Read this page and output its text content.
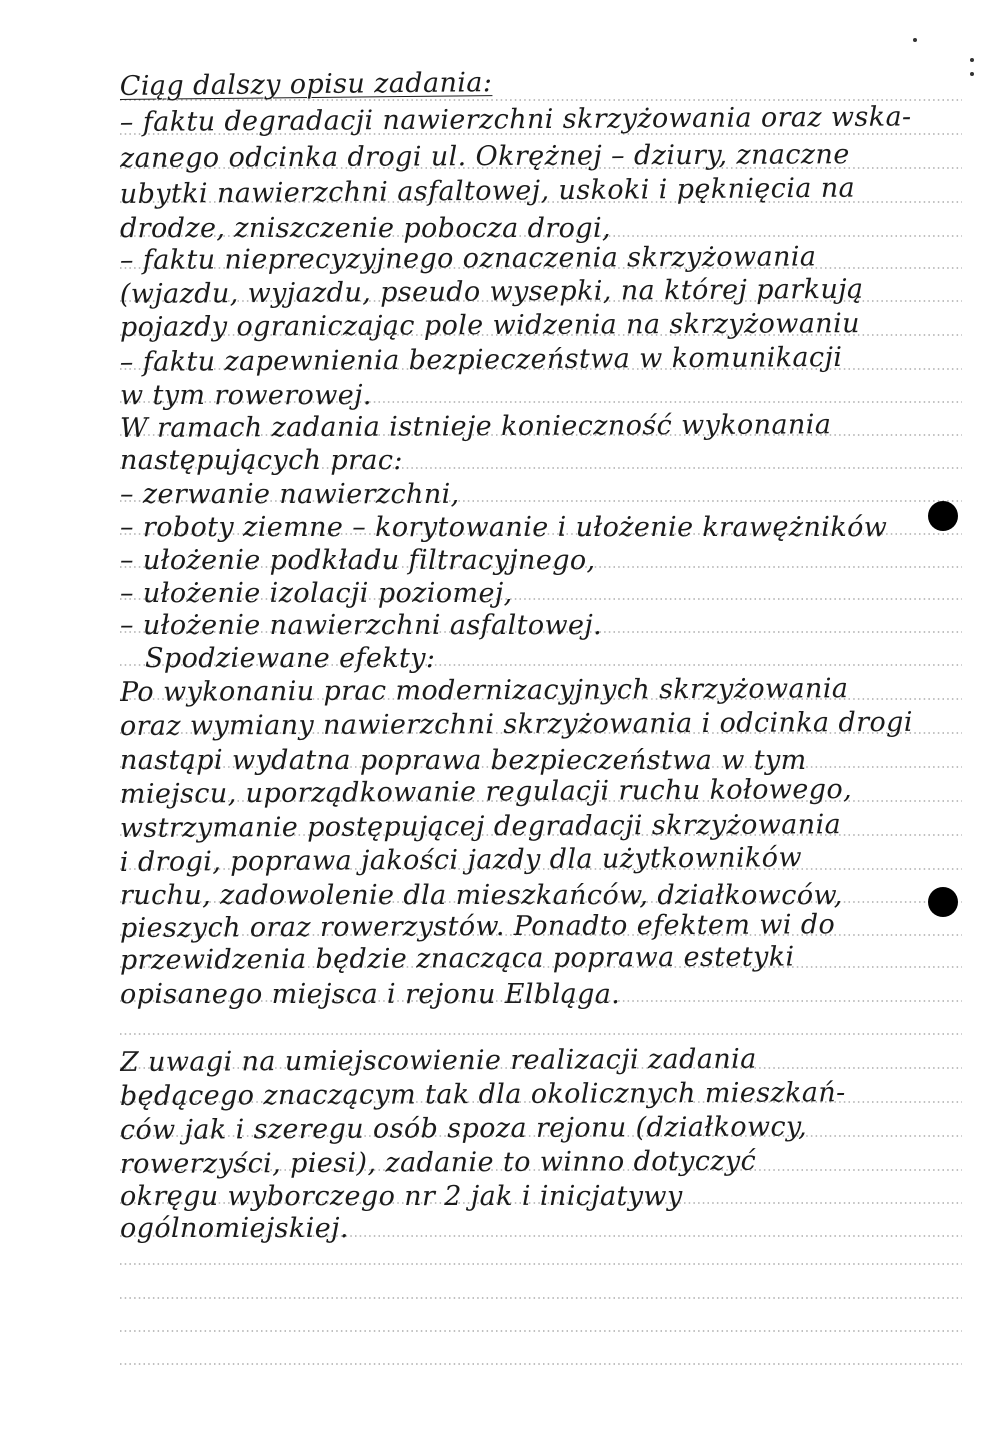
Ciąg dalszy opisu zadania:
– faktu degradacji nawierzchni skrzyżowania oraz wska-
zanego odcinka drogi ul. Okrężnej – dziury, znaczne
ubytki nawierzchni asfaltowej, uskoki i pęknięcia na
drodze, zniszczenie pobocza drogi,
– faktu nieprecyzyjnego oznaczenia skrzyżowania
(wjazdu, wyjazdu, pseudo wysepki, na której parkują
pojazdy ograniczając pole widzenia na skrzyżowaniu
– faktu zapewnienia bezpieczeństwa w komunikacji
w tym rowerowej.
W ramach zadania istnieje konieczność wykonania
następujących prac:
– zerwanie nawierzchni,
– roboty ziemne – korytowanie i ułożenie krawężników
– ułożenie podkładu filtracyjnego,
– ułożenie izolacji poziomej,
– ułożenie nawierzchni asfaltowej.
Spodziewane efekty:
Po wykonaniu prac modernizacyjnych skrzyżowania
oraz wymiany nawierzchni skrzyżowania i odcinka drogi
nastąpi wydatna poprawa bezpieczeństwa w tym
miejscu, uporządkowanie regulacji ruchu kołowego,
wstrzymanie postępującej degradacji skrzyżowania
i drogi, poprawa jakości jazdy dla użytkowników
ruchu, zadowolenie dla mieszkańców, działkowców,
pieszych oraz rowerzystów. Ponadto efektem wi do
przewidzenia będzie znacząca poprawa estetyki
opisanego miejsca i rejonu Elbląga.
Z uwagi na umiejscowienie realizacji zadania
będącego znaczącym tak dla okolicznych mieszkań-
ców jak i szeregu osób spoza rejonu (działkowcy,
rowerzyści, piesi), zadanie to winno dotyczyć
okręgu wyborczego nr 2 jak i inicjatywy
ogólnomiejskiej.
